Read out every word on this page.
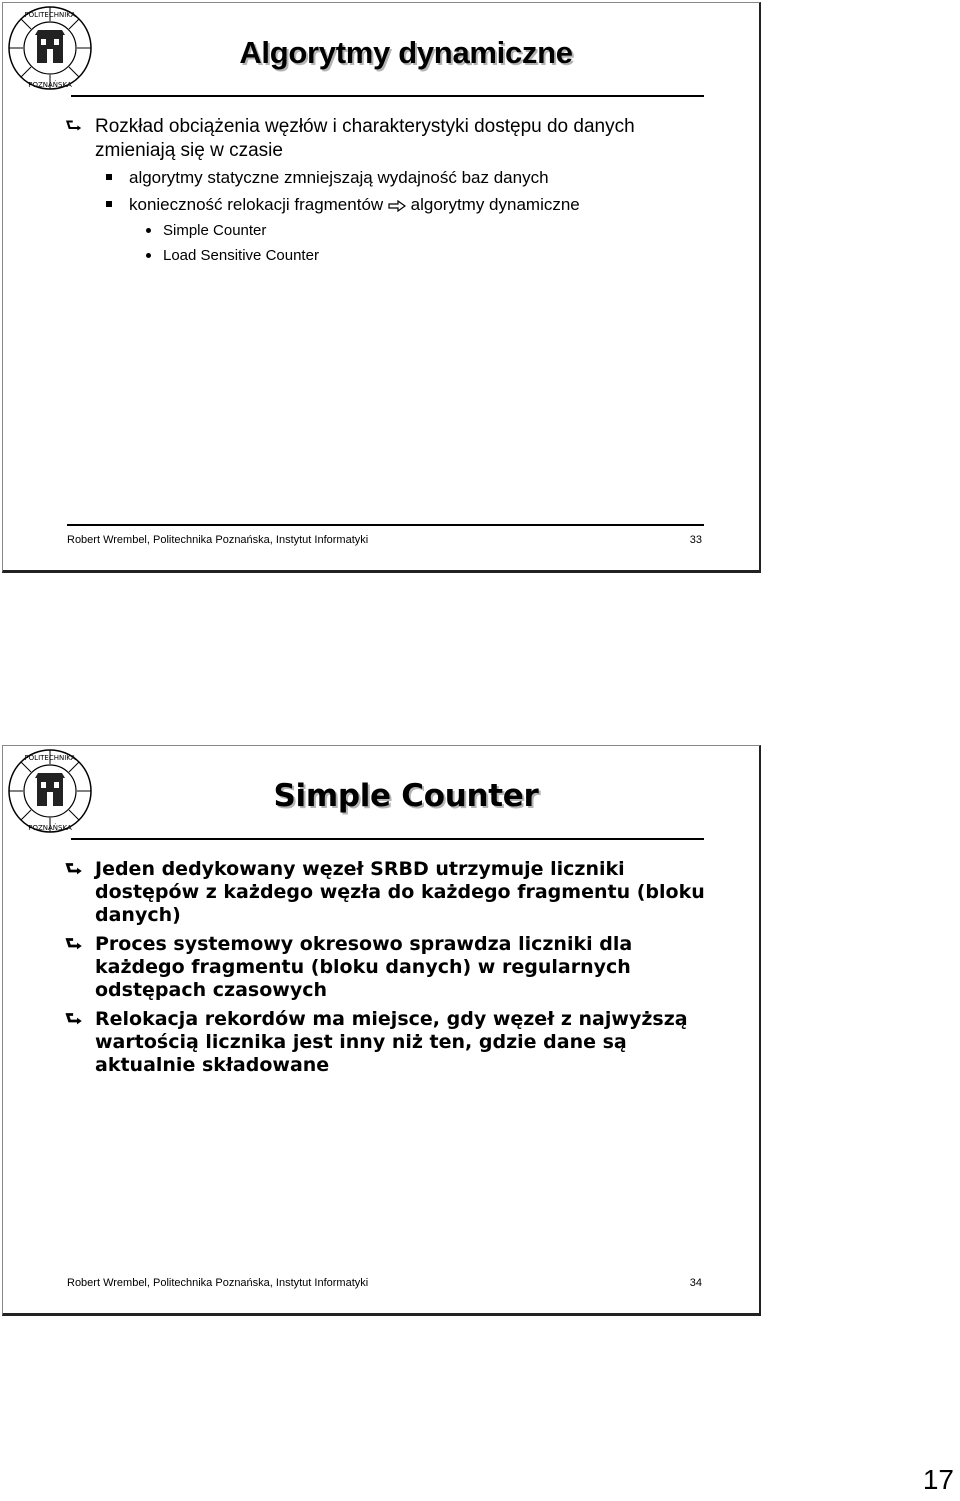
POLITECHNIKA
POZNAŃSKA
Algorytmy dynamiczne
⮑ Rozkład obciążenia węzłów i charakterystyki dostępu do danych zmieniają się w czasie
algorytmy statyczne zmniejszają wydajność baz danych
konieczność relokacji fragmentów algorytmy dynamiczne
Simple Counter
Load Sensitive Counter
Robert Wrembel, Politechnika Poznańska, Instytut Informatyki	33
POLITECHNIKA
POZNAŃSKA
Simple Counter
⮑ Jeden dedykowany węzeł SRBD utrzymuje liczniki dostępów z każdego węzła do każdego fragmentu (bloku danych)
⮑ Proces systemowy okresowo sprawdza liczniki dla każdego fragmentu (bloku danych) w regularnych odstępach czasowych
⮑ Relokacja rekordów ma miejsce, gdy węzeł z najwyższą wartością licznika jest inny niż ten, gdzie dane są aktualnie składowane
Robert Wrembel, Politechnika Poznańska, Instytut Informatyki	34
17
